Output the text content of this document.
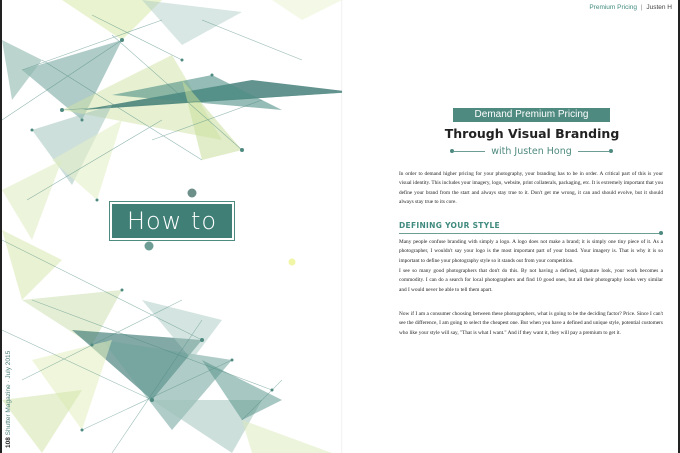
How to
108 Shutter Magazine · July 2015
Premium Pricing | Justen H
Demand Premium Pricing
Through Visual Branding
with Justen Hong
In order to demand higher pricing for your photography, your branding has to be in order. A critical part of this is your visual identity. This includes your imagery, logo, website, print collaterals, packaging, etc. It is extremely important that you define your brand from the start and always stay true to it. Don't get me wrong, it can and should evolve, but it should always stay true to its core.
DEFINING YOUR STYLE
Many people confuse branding with simply a logo. A logo does not make a brand; it is simply one tiny piece of it. As a photographer, I wouldn't say your logo is the most important part of your brand. Your imagery is. That is why it is so important to define your photography style so it stands out from your competition.
I see so many good photographers that don't do this. By not having a defined, signature look, your work becomes a commodity. I can do a search for local photographers and find 10 good ones, but all their photography looks very similar and I would never be able to tell them apart.
Now if I am a consumer choosing between these photographers, what is going to be the deciding factor? Price. Since I can't see the difference, I am going to select the cheapest one. But when you have a defined and unique style, potential customers who like your style will say, "That is what I want." And if they want it, they will pay a premium to get it.
